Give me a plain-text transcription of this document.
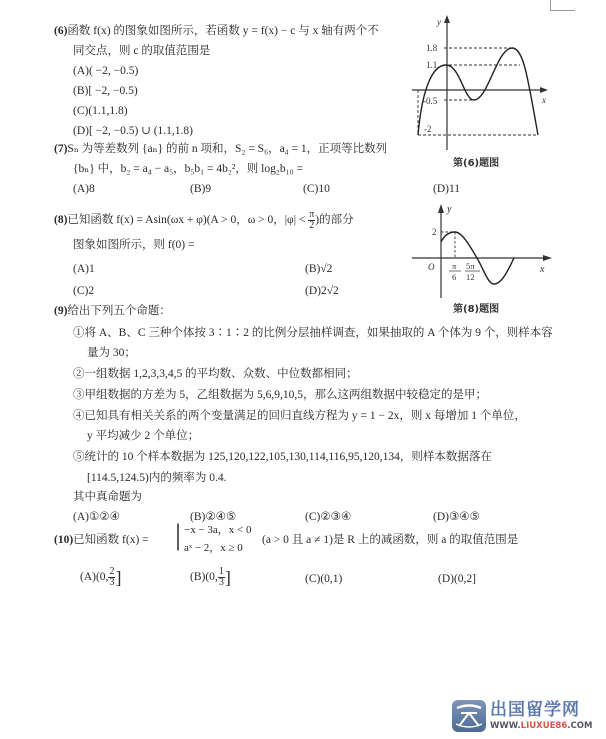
(6)函数 f(x) 的图象如图所示，若函数 y = f(x) − c 与 x 轴有两个不
同交点，则 c 的取值范围是
(A)( −2, −0.5)
(B)[ −2, −0.5)
(C)(1.1,1.8)
(D)[ −2, −0.5) ∪ (1.1,1.8)
y
x
1.8
1.1
-0.5
-2
第(6)题图
(7)Sₙ 为等差数列 {aₙ} 的前 n 项和，S₂ = S₆，a₄ = 1，正项等比数列
{bₙ} 中，b₂ = a₄ − a₅，b₅b₁ = 4b₂²，则 log₂b₁₀ =
(A)8	(B)9	(C)10	(D)11
(8)已知函数 f(x) = Asin(ωx + φ)(A > 0，ω > 0，$|\varphi| < \frac{\pi}{2}$ )的部分
图象如图所示，则 f(0) =
(A)1	(B)√2
(C)2	(D)2√2
y
x
O
2
π
6
5π
12
第(8)题图
(9)给出下列五个命题：
①将 A、B、C 三种个体按 3∶1∶2 的比例分层抽样调查，如果抽取的 A 个体为 9 个，则样本容
量为 30；
②一组数据 1,2,3,3,4,5 的平均数、众数、中位数都相同；
③甲组数据的方差为 5，乙组数据为 5,6,9,10,5，那么这两组数据中较稳定的是甲；
④已知具有相关关系的两个变量满足的回归直线方程为 y = 1 − 2x，则 x 每增加 1 个单位，
y 平均减少 2 个单位；
⑤统计的 10 个样本数据为 125,120,122,105,130,114,116,95,120,134，则样本数据落在
[114.5,124.5)内的频率为 0.4.
其中真命题为
(A)①②④	(B)②④⑤	(C)②③④	(D)③④⑤
(10)已知函数 f(x) = | −x − 3a，x < 0
aˣ − 2，x ≥ 0
(a > 0 且 a ≠ 1)是 R 上的减函数，则 a 的取值范围是
(A)(0, $\frac{2}{3}$ ]	(B)(0, $\frac{1}{3}$ ]	(C)(0,1)	(D)(0,2]
出国留学网
WWW.LIUXUE86.COM
